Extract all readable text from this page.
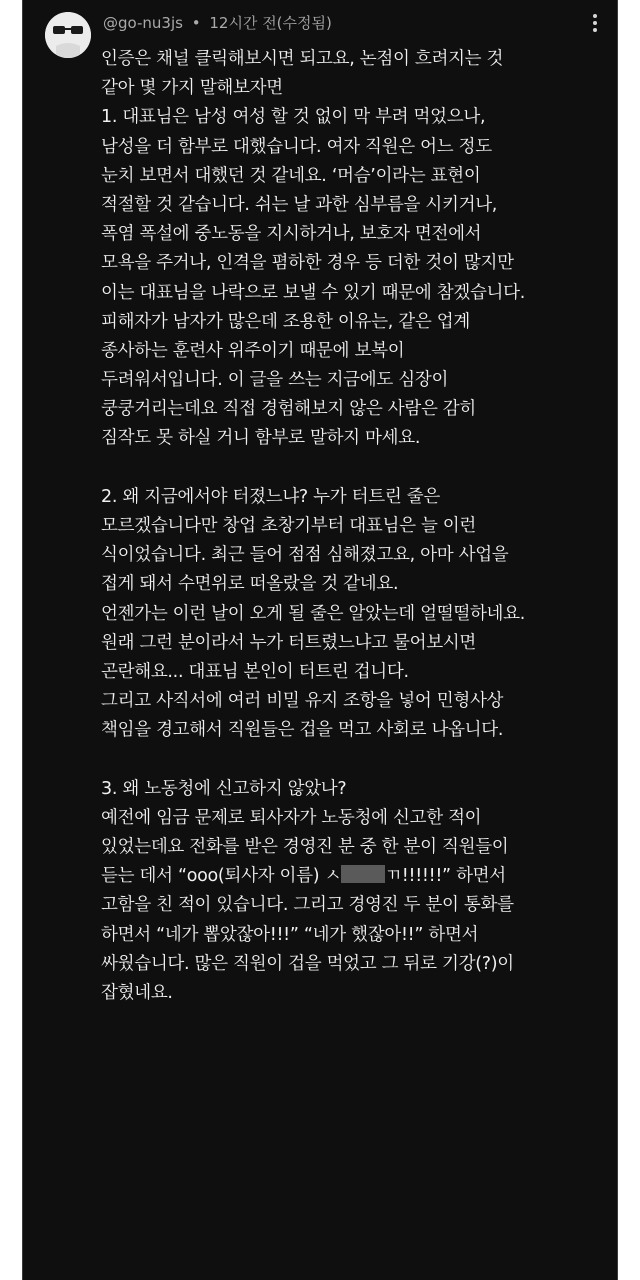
@go-nu3js • 12시간 전(수정됨)
인증은 채널 클릭해보시면 되고요, 논점이 흐려지는 것
같아 몇 가지 말해보자면
1. 대표님은 남성 여성 할 것 없이 막 부려 먹었으나,
남성을 더 함부로 대했습니다. 여자 직원은 어느 정도
눈치 보면서 대했던 것 같네요. ‘머슴’이라는 표현이
적절할 것 같습니다. 쉬는 날 과한 심부름을 시키거나,
폭염 폭설에 중노동을 지시하거나, 보호자 면전에서
모욕을 주거나, 인격을 폄하한 경우 등 더한 것이 많지만
이는 대표님을 나락으로 보낼 수 있기 때문에 참겠습니다.
피해자가 남자가 많은데 조용한 이유는, 같은 업계
종사하는 훈련사 위주이기 때문에 보복이
두려워서입니다. 이 글을 쓰는 지금에도 심장이
쿵쿵거리는데요 직접 경험해보지 않은 사람은 감히
짐작도 못 하실 거니 함부로 말하지 마세요.
2. 왜 지금에서야 터졌느냐? 누가 터트린 줄은
모르겠습니다만 창업 초창기부터 대표님은 늘 이런
식이었습니다. 최근 들어 점점 심해졌고요, 아마 사업을
접게 돼서 수면위로 떠올랐을 것 같네요.
언젠가는 이런 날이 오게 될 줄은 알았는데 얼떨떨하네요.
원래 그런 분이라서 누가 터트렸느냐고 물어보시면
곤란해요... 대표님 본인이 터트린 겁니다.
그리고 사직서에 여러 비밀 유지 조항을 넣어 민형사상
책임을 경고해서 직원들은 겁을 먹고 사회로 나옵니다.
3. 왜 노동청에 신고하지 않았나?
예전에 임금 문제로 퇴사자가 노동청에 신고한 적이
있었는데요 전화를 받은 경영진 분 중 한 분이 직원들이
듣는 데서 “ooo(퇴사자 이름) ㅅ	ㄲ!!!!!!” 하면서
고함을 친 적이 있습니다. 그리고 경영진 두 분이 통화를
하면서 “네가 뽑았잖아!!!” “네가 했잖아!!” 하면서
싸웠습니다. 많은 직원이 겁을 먹었고 그 뒤로 기강(?)이
잡혔네요.
